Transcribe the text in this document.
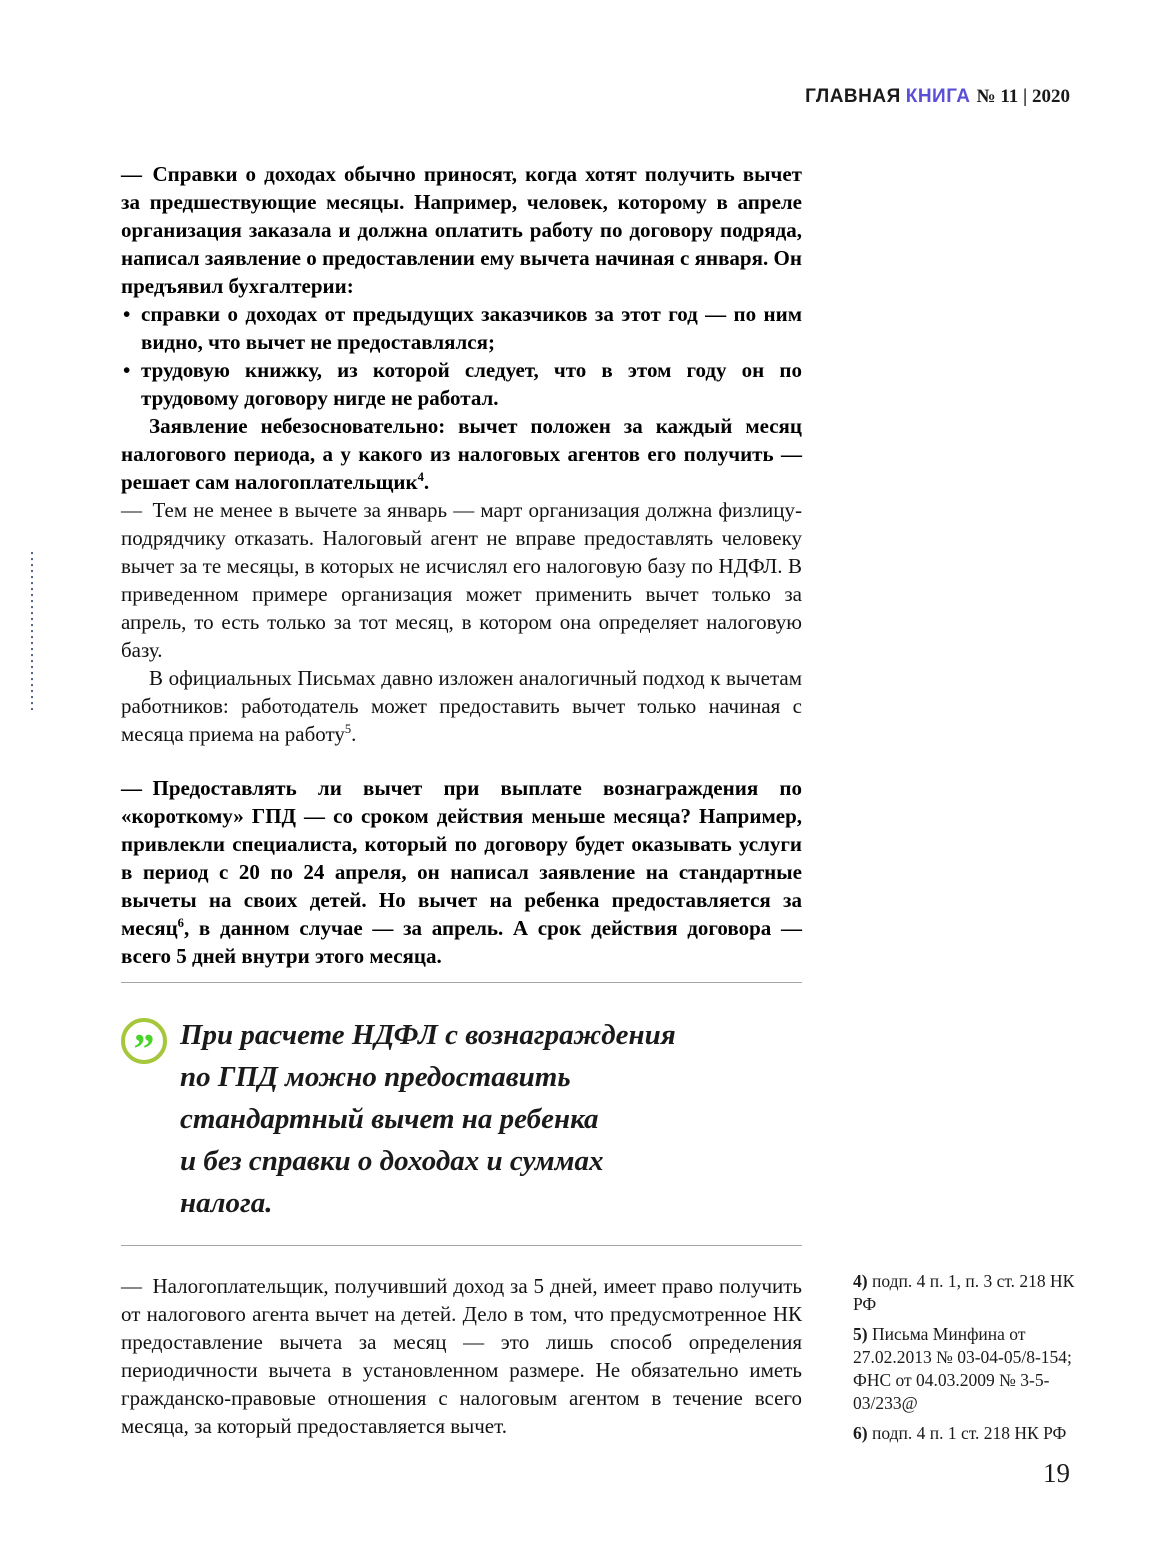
ГЛАВНАЯ КНИГА № 11 | 2020

— Справки о доходах обычно приносят, когда хотят получить вычет за предшествующие месяцы. Например, человек, которому в апреле организация заказала и должна оплатить работу по договору подряда, написал заявление о предоставлении ему вычета начиная с января. Он предъявил бухгалтерии:

• справки о доходах от предыдущих заказчиков за этот год — по ним видно, что вычет не предоставлялся;
• трудовую книжку, из которой следует, что в этом году он по трудовому договору нигде не работал.

Заявление небезосновательно: вычет положен за каждый месяц налогового периода, а у какого из налоговых агентов его получить — решает сам налогоплательщик$^4$.

— Тем не менее в вычете за январь — март организация должна физлицу-подрядчику отказать. Налоговый агент не вправе предоставлять человеку вычет за те месяцы, в которых не исчислял его налоговую базу по НДФЛ. В приведенном примере организация может применить вычет только за апрель, то есть только за тот месяц, в котором она определяет налоговую базу.

В официальных Письмах давно изложен аналогичный подход к вычетам работников: работодатель может предоставить вычет только начиная с месяца приема на работу$^5$.

— Предоставлять ли вычет при выплате вознаграждения по «короткому» ГПД — со сроком действия меньше месяца? Например, привлекли специалиста, который по договору будет оказывать услуги в период с 20 по 24 апреля, он написал заявление на стандартные вычеты на своих детей. Но вычет на ребенка предоставляется за месяц$^6$, в данном случае — за апрель. А срок действия договора — всего 5 дней внутри этого месяца.

” При расчете НДФЛ с вознаграждения
по ГПД можно предоставить
стандартный вычет на ребенка
и без справки о доходах и суммах
налога.

— Налогоплательщик, получивший доход за 5 дней, имеет право получить от налогового агента вычет на детей. Дело в том, что предусмотренное НК предоставление вычета за месяц — это лишь способ определения периодичности вычета в установленном размере. Не обязательно иметь гражданско-правовые отношения с налоговым агентом в течение всего месяца, за который предоставляется вычет.

4) подп. 4 п. 1, п. 3 ст. 218 НК РФ

5) Письма Минфина от 27.02.2013 № 03-04-05/8-154; ФНС от 04.03.2009 № 3-5-03/233@

6) подп. 4 п. 1 ст. 218 НК РФ

19
